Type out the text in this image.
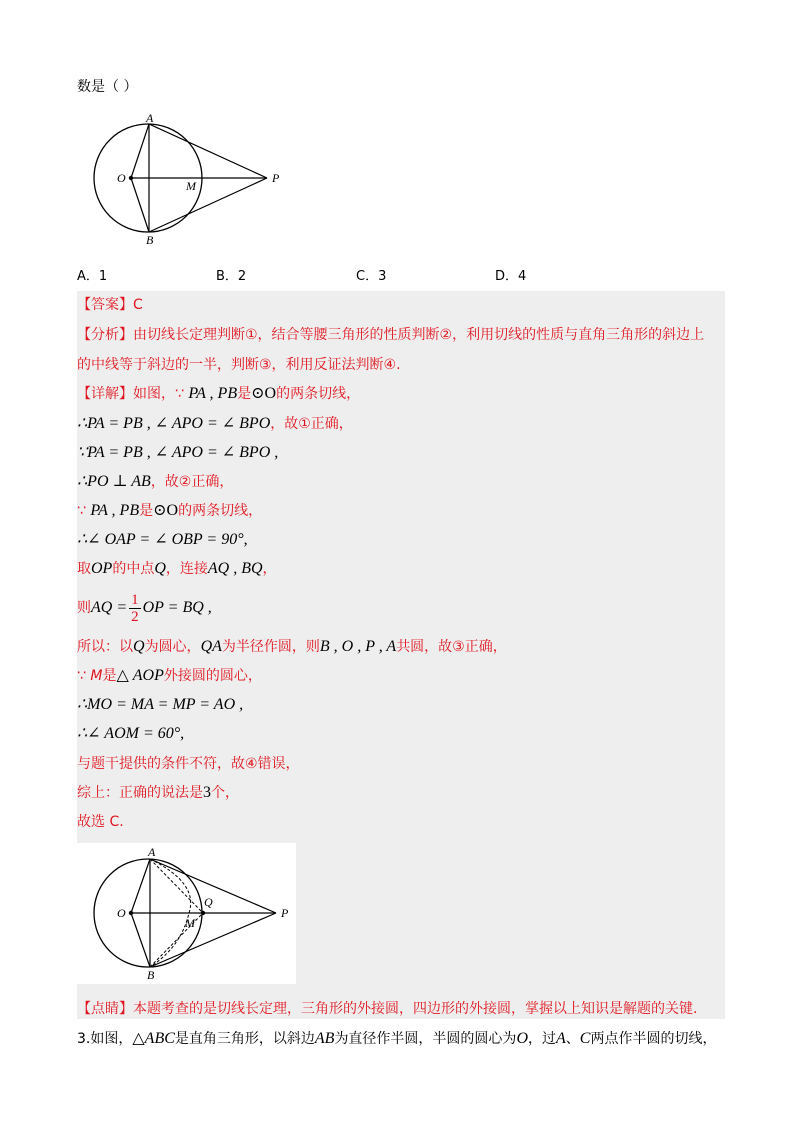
数是（ ）
A
O
M
P
B
A．1	B．2	C．3	D．4
【答案】C
【分析】由切线长定理判断①，结合等腰三角形的性质判断②，利用切线的性质与直角三角形的斜边上
的中线等于斜边的一半，判断③，利用反证法判断④.
【详解】如图，∵ PA , PB是⊙O的两条切线，
∴PA = PB , ∠ APO = ∠ BPO，故①正确，
∵PA = PB , ∠ APO = ∠ BPO ,
∴PO ⊥ AB，故②正确，
∵ PA , PB是⊙O的两条切线，
∴∠ OAP = ∠ OBP = 90°,
取OP的中点Q，连接AQ , BQ，
则AQ = $\frac{1}{2}$ OP = BQ ,
所以：以Q为圆心，QA为半径作圆，则B , O , P , A共圆，故③正确，
∵ M是△ AOP外接圆的圆心，
∴MO = MA = MP = AO ,
∴∠ AOM = 60°,
与题干提供的条件不符，故④错误，
综上：正确的说法是3个，
故选 C.
A
O
Q
M
P
B
【点睛】本题考查的是切线长定理，三角形的外接圆，四边形的外接圆，掌握以上知识是解题的关键.
3.如图，△ABC是直角三角形，以斜边AB为直径作半圆，半圆的圆心为O，过A、C两点作半圆的切线，
